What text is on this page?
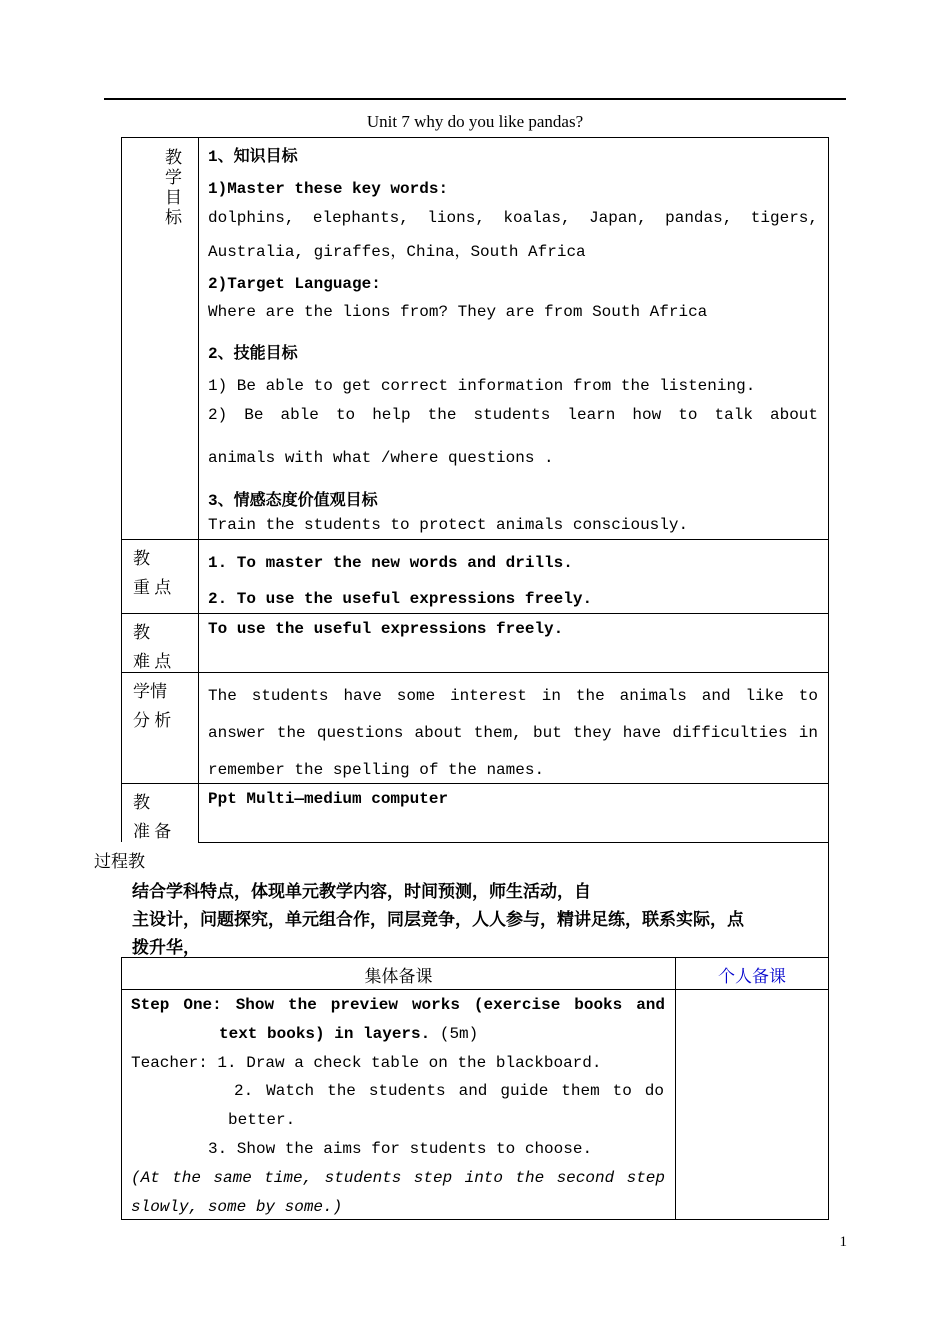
Unit 7 why do you like pandas?
教
学
目
标
1、知识目标
1)Master these key words:
dolphins, elephants, lions, koalas, Japan, pandas, tigers,
Australia, giraffes，China，South Africa
2)Target Language:
Where are the lions from? They are from South Africa
2、技能目标
1) Be able to get correct information from the listening.
2) Be able to help the students learn how to talk about
animals with what /where questions .
3、情感态度价值观目标
Train the students to protect animals consciously.
教
重 点
1. To master the new words and drills.
2. To use the useful expressions freely.
教
难 点
To use the useful expressions freely.
学情
分 析
The students have some interest in the animals and like to
answer the questions about them, but they have difficulties in
remember the spelling of the names.
教
准 备
Ppt Multi—medium computer
过程教
结合学科特点，体现单元教学内容，时间预测，师生活动，自
主设计，问题探究，单元组合作，同层竞争，人人参与，精讲足练，联系实际，点
拨升华，
集体备课	个人备课
Step One: Show the preview works (exercise books and
text books) in layers. (5m)
Teacher: 1. Draw a check table on the blackboard.
2. Watch the students and guide them to do
better.
3. Show the aims for students to choose.
(At the same time, students step into the second step
slowly, some by some.)
1
